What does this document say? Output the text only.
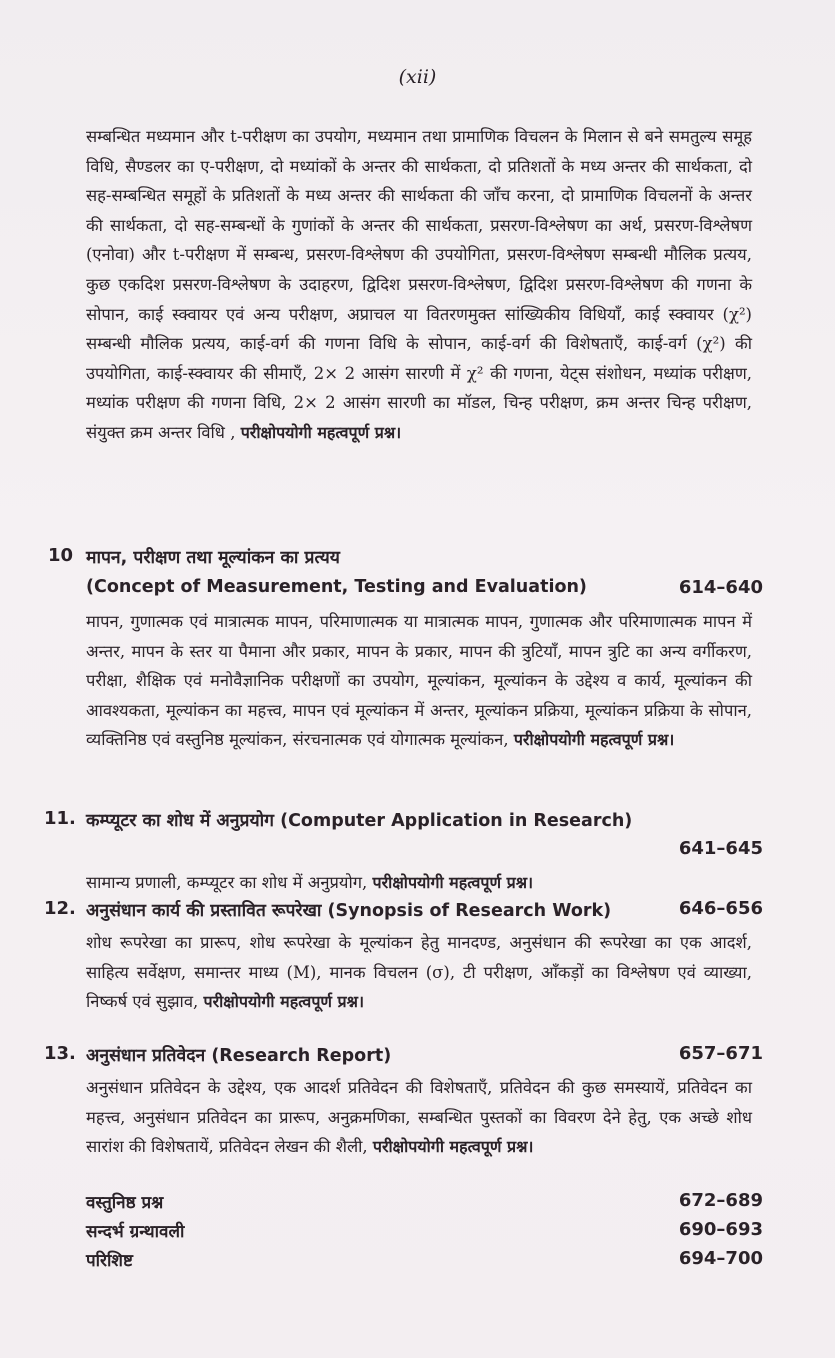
(xii)
सम्बन्धित मध्यमान और t-परीक्षण का उपयोग, मध्यमान तथा प्रामाणिक विचलन के मिलान से बने समतुल्य समूह विधि, सैण्डलर का ए-परीक्षण, दो मध्यांकों के अन्तर की सार्थकता, दो प्रतिशतों के मध्य अन्तर की सार्थकता, दो सह-सम्बन्धित समूहों के प्रतिशतों के मध्य अन्तर की सार्थकता की जाँच करना, दो प्रामाणिक विचलनों के अन्तर की सार्थकता, दो सह-सम्बन्धों के गुणांकों के अन्तर की सार्थकता, प्रसरण-विश्लेषण का अर्थ, प्रसरण-विश्लेषण (एनोवा) और t-परीक्षण में सम्बन्ध, प्रसरण-विश्लेषण की उपयोगिता, प्रसरण-विश्लेषण सम्बन्धी मौलिक प्रत्यय, कुछ एकदिश प्रसरण-विश्लेषण के उदाहरण, द्विदिश प्रसरण-विश्लेषण, द्विदिश प्रसरण-विश्लेषण की गणना के सोपान, काई स्क्वायर एवं अन्य परीक्षण, अप्राचल या वितरणमुक्त सांख्यिकीय विधियाँ, काई स्क्वायर (χ²) सम्बन्धी मौलिक प्रत्यय, काई-वर्ग की गणना विधि के सोपान, काई-वर्ग की विशेषताएँ, काई-वर्ग (χ²) की उपयोगिता, काई-स्क्वायर की सीमाएँ, 2× 2 आसंग सारणी में χ² की गणना, येट्स संशोधन, मध्यांक परीक्षण, मध्यांक परीक्षण की गणना विधि, 2× 2 आसंग सारणी का मॉडल, चिन्ह परीक्षण, क्रम अन्तर चिन्ह परीक्षण, संयुक्त क्रम अन्तर विधि , परीक्षोपयोगी महत्वपूर्ण प्रश्न।
10 मापन, परीक्षण तथा मूल्यांकन का प्रत्यय
(Concept of Measurement, Testing and Evaluation)	614–640
मापन, गुणात्मक एवं मात्रात्मक मापन, परिमाणात्मक या मात्रात्मक मापन, गुणात्मक और परिमाणात्मक मापन में अन्तर, मापन के स्तर या पैमाना और प्रकार, मापन के प्रकार, मापन की त्रुटियाँ, मापन त्रुटि का अन्य वर्गीकरण, परीक्षा, शैक्षिक एवं मनोवैज्ञानिक परीक्षणों का उपयोग, मूल्यांकन, मूल्यांकन के उद्देश्य व कार्य, मूल्यांकन की आवश्यकता, मूल्यांकन का महत्त्व, मापन एवं मूल्यांकन में अन्तर, मूल्यांकन प्रक्रिया, मूल्यांकन प्रक्रिया के सोपान, व्यक्तिनिष्ठ एवं वस्तुनिष्ठ मूल्यांकन, संरचनात्मक एवं योगात्मक मूल्यांकन, परीक्षोपयोगी महत्वपूर्ण प्रश्न।
11. कम्प्यूटर का शोध में अनुप्रयोग (Computer Application in Research)
641–645
सामान्य प्रणाली, कम्प्यूटर का शोध में अनुप्रयोग, परीक्षोपयोगी महत्वपूर्ण प्रश्न।
12. अनुसंधान कार्य की प्रस्तावित रूपरेखा (Synopsis of Research Work)	646–656
शोध रूपरेखा का प्रारूप, शोध रूपरेखा के मूल्यांकन हेतु मानदण्ड, अनुसंधान की रूपरेखा का एक आदर्श, साहित्य सर्वेक्षण, समान्तर माध्य (M), मानक विचलन (σ), टी परीक्षण, आँकड़ों का विश्लेषण एवं व्याख्या, निष्कर्ष एवं सुझाव, परीक्षोपयोगी महत्वपूर्ण प्रश्न।
13. अनुसंधान प्रतिवेदन (Research Report)	657–671
अनुसंधान प्रतिवेदन के उद्देश्य, एक आदर्श प्रतिवेदन की विशेषताएँ, प्रतिवेदन की कुछ समस्यायें, प्रतिवेदन का महत्त्व, अनुसंधान प्रतिवेदन का प्रारूप, अनुक्रमणिका, सम्बन्धित पुस्तकों का विवरण देने हेतु, एक अच्छे शोध सारांश की विशेषतायें, प्रतिवेदन लेखन की शैली, परीक्षोपयोगी महत्वपूर्ण प्रश्न।
वस्तुनिष्ठ प्रश्न	672–689
सन्दर्भ ग्रन्थावली	690–693
परिशिष्ट	694–700
